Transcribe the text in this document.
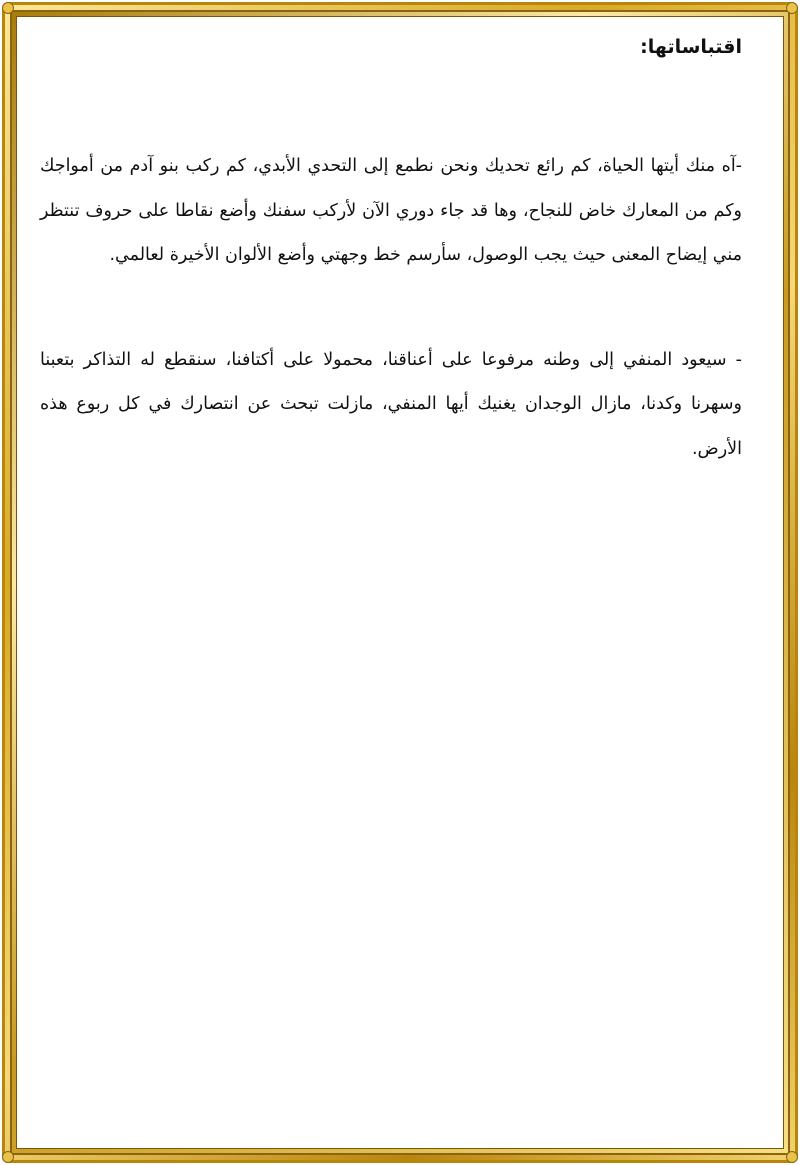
اقتباساتها:

-آه منك أيتها الحياة، كم رائع تحديك ونحن نطمع إلى التحدي الأبدي، كم ركب بنو آدم من أمواجك وكم من المعارك خاض للنجاح، وها قد جاء دوري الآن لأركب سفنك وأضع نقاطا على حروف تنتظر مني إيضاح المعنى حيث يجب الوصول، سأرسم خط وجهتي وأضع الألوان الأخيرة لعالمي.

- سيعود المنفي إلى وطنه مرفوعا على أعناقنا، محمولا على أكتافنا، سنقطع له التذاكر بتعبنا وسهرنا وكدنا، مازال الوجدان يغنيك أيها المنفي، مازلت تبحث عن انتصارك في كل ربوع هذه الأرض.
